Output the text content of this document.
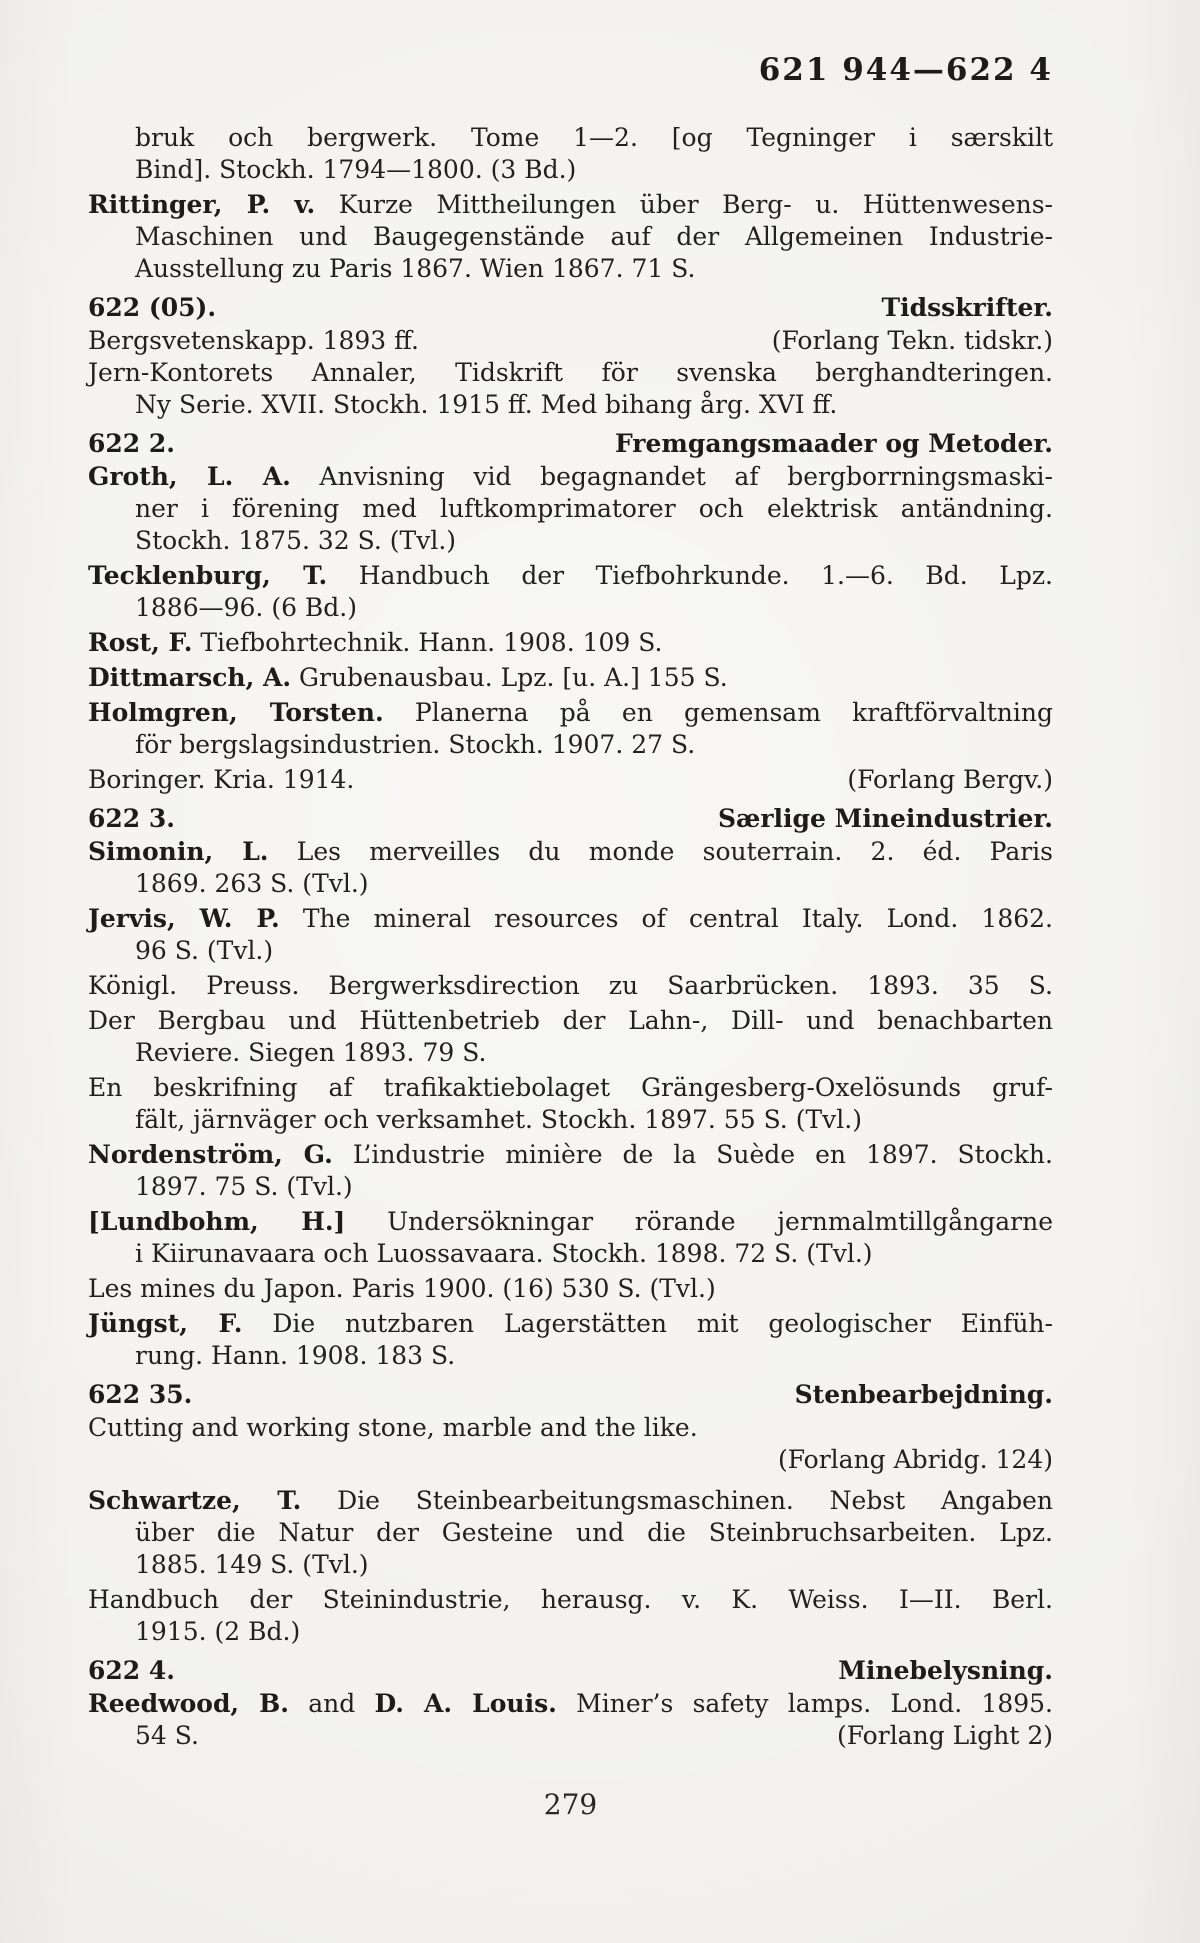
621 944—622 4
bruk och bergwerk. Tome 1—2. [og Tegninger i særskilt
Bind]. Stockh. 1794—1800. (3 Bd.)
Rittinger, P. v. Kurze Mittheilungen über Berg- u. Hüttenwesens-
Maschinen und Baugegenstände auf der Allgemeinen Industrie-
Ausstellung zu Paris 1867. Wien 1867. 71 S.
622 (05).	Tidsskrifter.
Bergsvetenskapp. 1893 ff.	(Forlang Tekn. tidskr.)
Jern-Kontorets Annaler, Tidskrift för svenska berghandteringen.
Ny Serie. XVII. Stockh. 1915 ff. Med bihang årg. XVI ff.
622 2.	Fremgangsmaader og Metoder.
Groth, L. A. Anvisning vid begagnandet af bergborrningsmaski-
ner i förening med luftkomprimatorer och elektrisk antändning.
Stockh. 1875. 32 S. (Tvl.)
Tecklenburg, T. Handbuch der Tiefbohrkunde. 1.—6. Bd. Lpz.
1886—96. (6 Bd.)
Rost, F. Tiefbohrtechnik. Hann. 1908. 109 S.
Dittmarsch, A. Grubenausbau. Lpz. [u. A.] 155 S.
Holmgren, Torsten. Planerna på en gemensam kraftförvaltning
för bergslagsindustrien. Stockh. 1907. 27 S.
Boringer. Kria. 1914.	(Forlang Bergv.)
622 3.	Særlige Mineindustrier.
Simonin, L. Les merveilles du monde souterrain. 2. éd. Paris
1869. 263 S. (Tvl.)
Jervis, W. P. The mineral resources of central Italy. Lond. 1862.
96 S. (Tvl.)
Königl. Preuss. Bergwerksdirection zu Saarbrücken. 1893. 35 S.
Der Bergbau und Hüttenbetrieb der Lahn-, Dill- und benachbarten
Reviere. Siegen 1893. 79 S.
En beskrifning af trafikaktiebolaget Grängesberg-Oxelösunds gruf-
fält, järnväger och verksamhet. Stockh. 1897. 55 S. (Tvl.)
Nordenström, G. L’industrie minière de la Suède en 1897. Stockh.
1897. 75 S. (Tvl.)
[Lundbohm, H.] Undersökningar rörande jernmalmtillgångarne
i Kiirunavaara och Luossavaara. Stockh. 1898. 72 S. (Tvl.)
Les mines du Japon. Paris 1900. (16) 530 S. (Tvl.)
Jüngst, F. Die nutzbaren Lagerstätten mit geologischer Einfüh-
rung. Hann. 1908. 183 S.
622 35.	Stenbearbejdning.
Cutting and working stone, marble and the like.
(Forlang Abridg. 124)
Schwartze, T. Die Steinbearbeitungsmaschinen. Nebst Angaben
über die Natur der Gesteine und die Steinbruchsarbeiten. Lpz.
1885. 149 S. (Tvl.)
Handbuch der Steinindustrie, herausg. v. K. Weiss. I—II. Berl.
1915. (2 Bd.)
622 4.	Minebelysning.
Reedwood, B. and D. A. Louis. Miner’s safety lamps. Lond. 1895.
54 S.	(Forlang Light 2)
279
